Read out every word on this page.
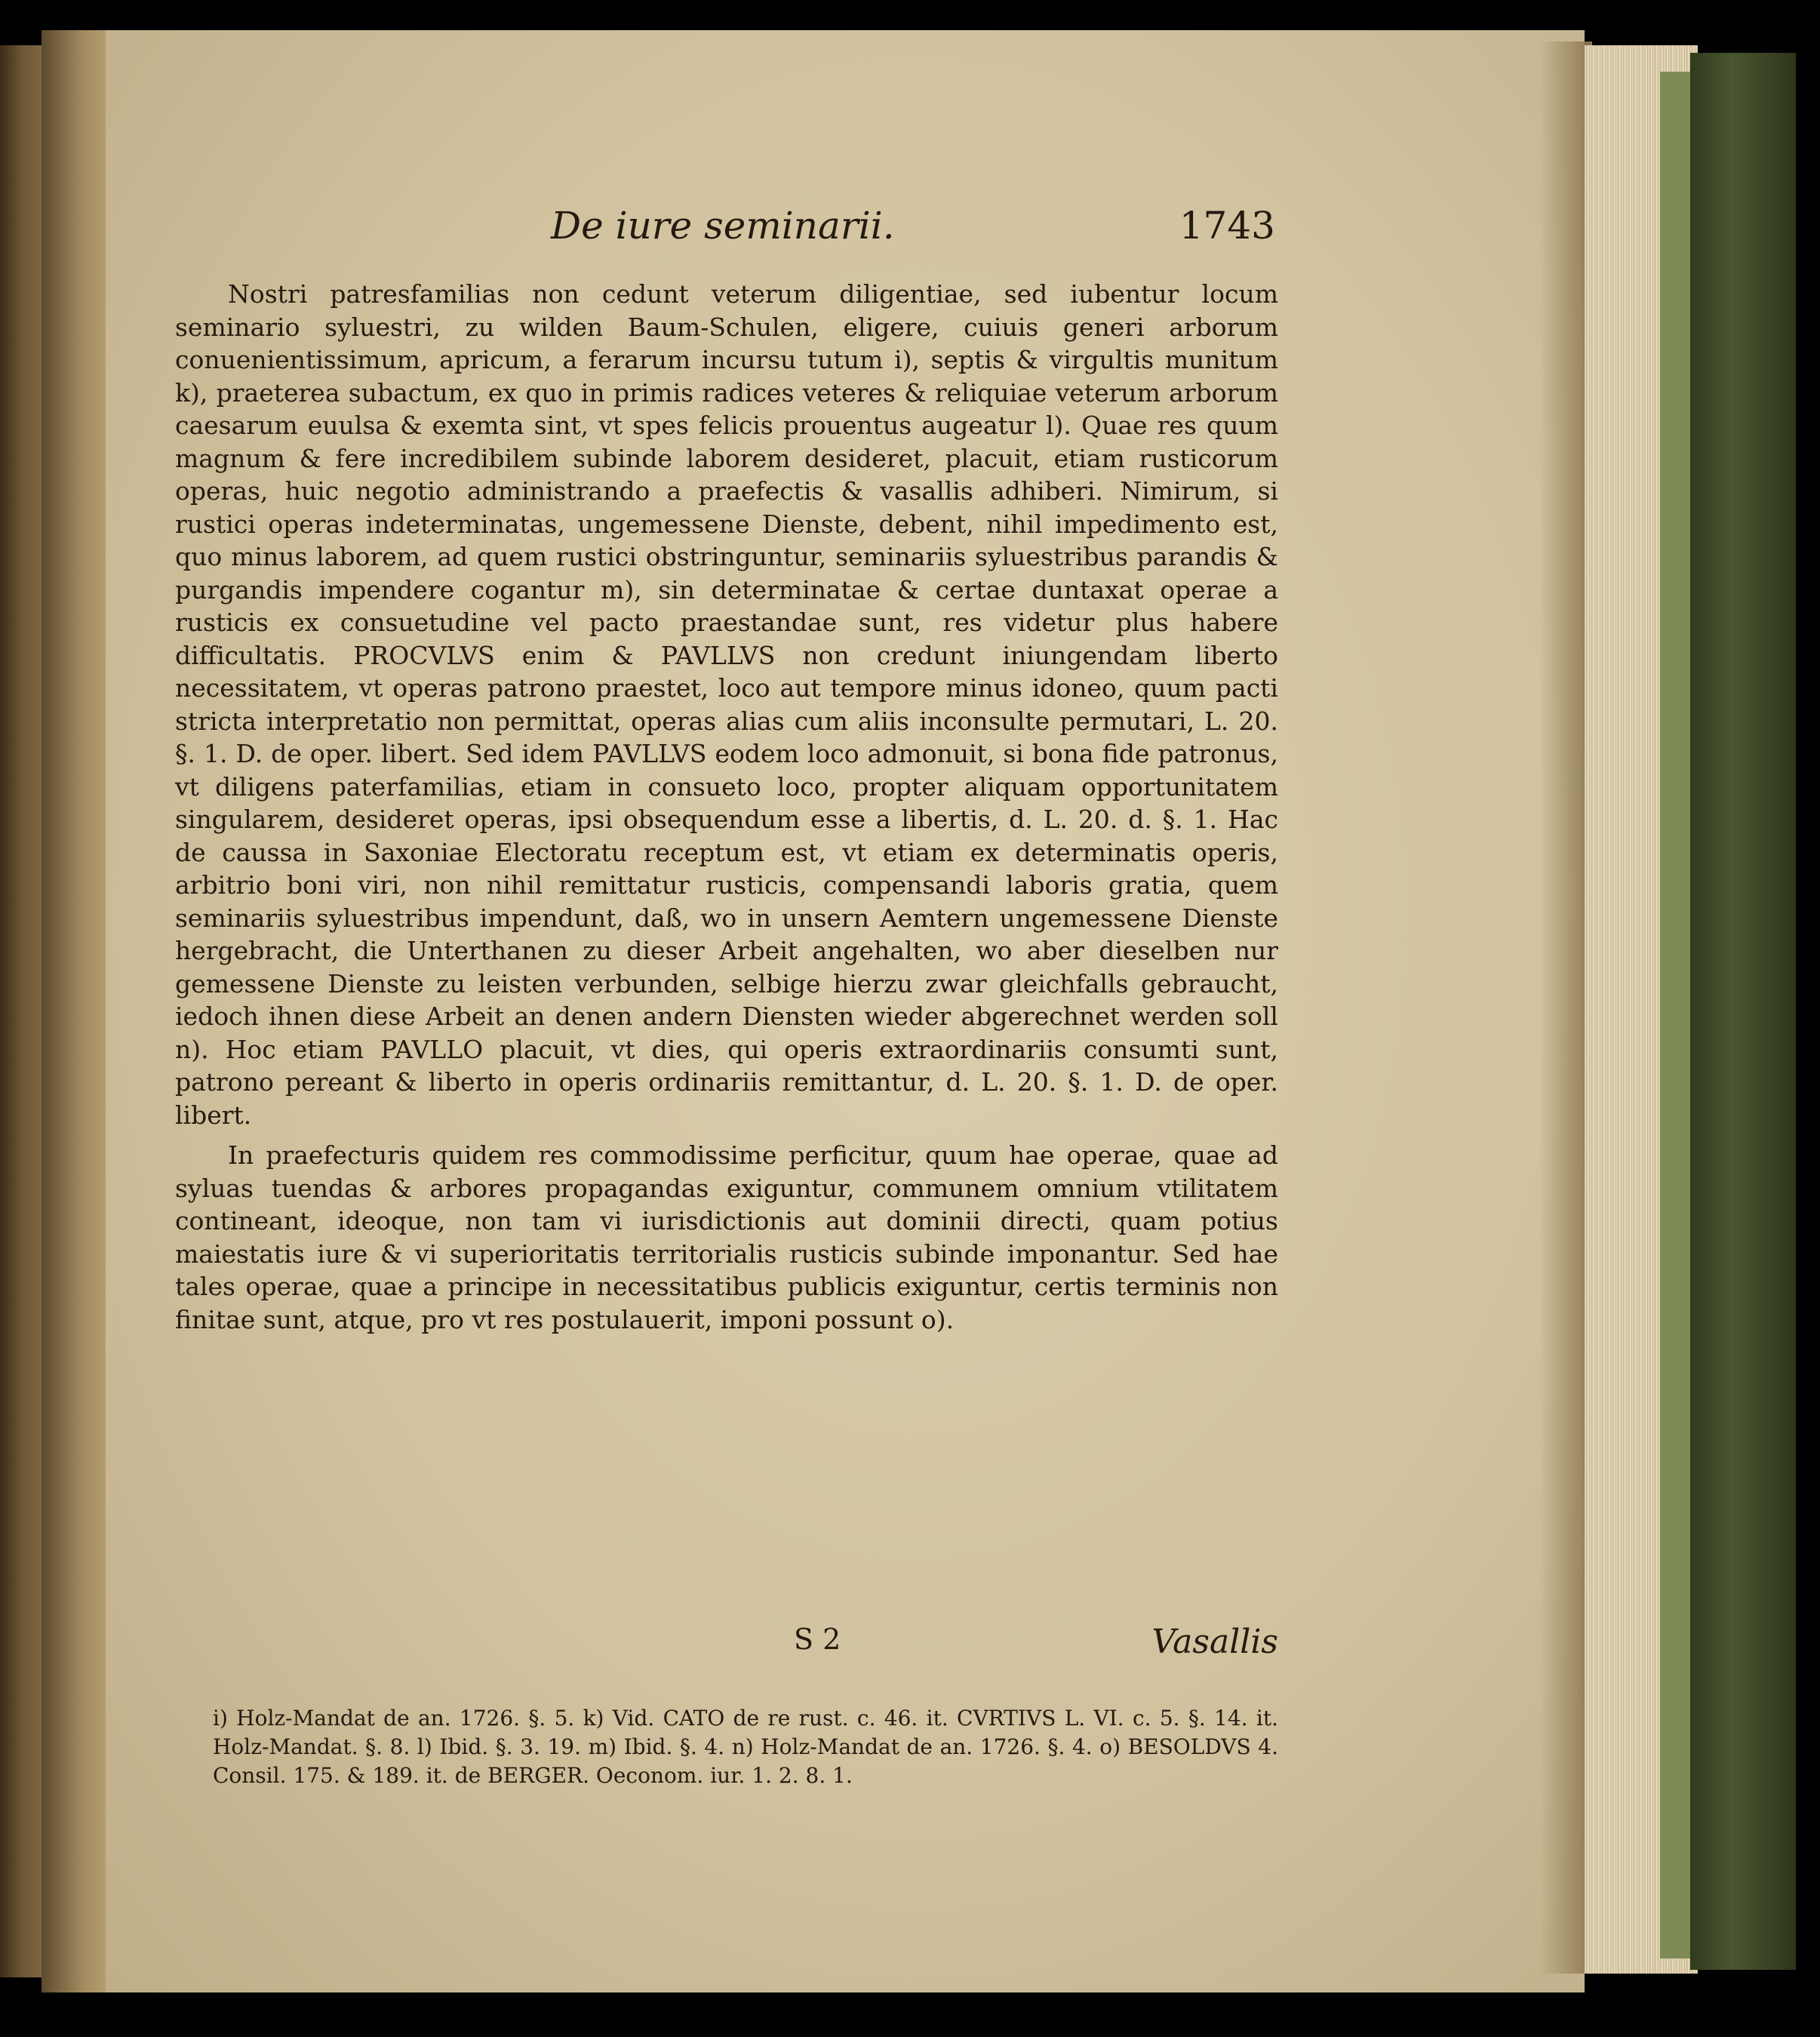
De iure seminarii.	1743

Nostri patresfamilias non cedunt veterum diligentiae, sed iubentur locum seminario syluestri, zu wilden Baum-Schulen, eligere, cuiuis generi arborum conuenientissimum, apricum, a ferarum incursu tutum i), septis & virgultis munitum k), praeterea subactum, ex quo in primis radices veteres & reliquiae veterum arborum caesarum euulsa & exemta sint, vt spes felicis prouentus augeatur l). Quae res quum magnum & fere incredibilem subinde laborem desideret, placuit, etiam rusticorum operas, huic negotio administrando a praefectis & vasallis adhiberi. Nimirum, si rustici operas indeterminatas, ungemessene Dienste, debent, nihil impedimento est, quo minus laborem, ad quem rustici obstringuntur, seminariis syluestribus parandis & purgandis impendere cogantur m), sin determinatae & certae duntaxat operae a rusticis ex consuetudine vel pacto praestandae sunt, res videtur plus habere difficultatis. PROCVLVS enim & PAVLLVS non credunt iniungendam liberto necessitatem, vt operas patrono praestet, loco aut tempore minus idoneo, quum pacti stricta interpretatio non permittat, operas alias cum aliis inconsulte permutari, L. 20. §. 1. D. de oper. libert. Sed idem PAVLLVS eodem loco admonuit, si bona fide patronus, vt diligens paterfamilias, etiam in consueto loco, propter aliquam opportunitatem singularem, desideret operas, ipsi obsequendum esse a libertis, d. L. 20. d. §. 1. Hac de caussa in Saxoniae Electoratu receptum est, vt etiam ex determinatis operis, arbitrio boni viri, non nihil remittatur rusticis, compensandi laboris gratia, quem seminariis syluestribus impendunt, daß, wo in unsern Aemtern ungemessene Dienste hergebracht, die Unterthanen zu dieser Arbeit angehalten, wo aber dieselben nur gemessene Dienste zu leisten verbunden, selbige hierzu zwar gleichfalls gebraucht, iedoch ihnen diese Arbeit an denen andern Diensten wieder abgerechnet werden soll n). Hoc etiam PAVLLO placuit, vt dies, qui operis extraordinariis consumti sunt, patrono pereant & liberto in operis ordinariis remittantur, d. L. 20. §. 1. D. de oper. libert.

In praefecturis quidem res commodissime perficitur, quum hae operae, quae ad syluas tuendas & arbores propagandas exiguntur, communem omnium vtilitatem contineant, ideoque, non tam vi iurisdictionis aut dominii directi, quam potius maiestatis iure & vi superioritatis territorialis rusticis subinde imponantur. Sed hae tales operae, quae a principe in necessitatibus publicis exiguntur, certis terminis non finitae sunt, atque, pro vt res postulauerit, imponi possunt o).

S 2	Vasallis
i) Holz-Mandat de an. 1726. §. 5. k) Vid. CATO de re rust. c. 46. it. CVRTIVS L. VI. c. 5. §. 14. it. Holz-Mandat. §. 8. l) Ibid. §. 3. 19. m) Ibid. §. 4. n) Holz-Mandat de an. 1726. §. 4. o) BESOLDVS 4. Consil. 175. & 189. it. de BERGER. Oeconom. iur. 1. 2. 8. 1.
